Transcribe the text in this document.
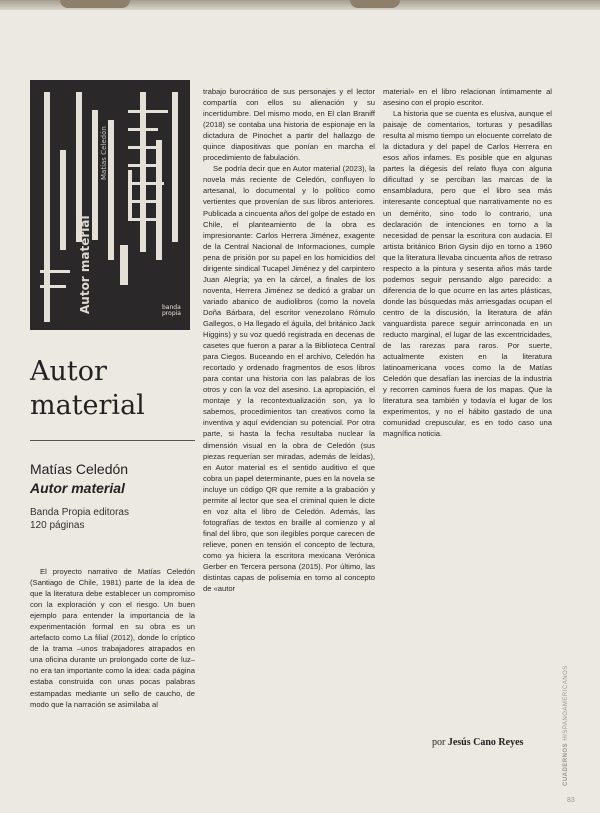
Autor material
Matías Celedón
banda
propia
Autor
material
Matías Celedón
Autor material
Banda Propia editoras
120 páginas

El proyecto narrativo de Matías Celedón (Santiago de Chile, 1981) parte de la idea de que la literatura debe establecer un compromiso con la exploración y con el riesgo. Un buen ejemplo para entender la importancia de la experimentación formal en su obra es un artefacto como La filial (2012), donde lo críptico de la trama –unos trabajadores atrapados en una oficina durante un prolongado corte de luz– no era tan importante como la idea: cada página estaba construida con unas pocas palabras estampadas mediante un sello de caucho, de modo que la narración se asimilaba al

trabajo burocrático de sus personajes y el lector compartía con ellos su alienación y su incertidumbre. Del mismo modo, en El clan Braniff (2018) se contaba una historia de espionaje en la dictadura de Pinochet a partir del hallazgo de quince diapositivas que ponían en marcha el procedimiento de fabulación.

Se podría decir que en Autor material (2023), la novela más reciente de Celedón, confluyen lo artesanal, lo documental y lo político como vertientes que provenían de sus libros anteriores. Publicada a cincuenta años del golpe de estado en Chile, el planteamiento de la obra es impresionante: Carlos Herrera Jiménez, exagente de la Central Nacional de Informaciones, cumple pena de prisión por su papel en los homicidios del dirigente sindical Tucapel Jiménez y del carpintero Juan Alegría; ya en la cárcel, a finales de los noventa, Herrera Jiménez se dedicó a grabar un variado abanico de audiolibros (como la novela Doña Bárbara, del escritor venezolano Rómulo Gallegos, o Ha llegado el águila, del británico Jack Higgins) y su voz quedó registrada en decenas de casetes que fueron a parar a la Biblioteca Central para Ciegos. Buceando en el archivo, Celedón ha recortado y ordenado fragmentos de esos libros para contar una historia con las palabras de los otros y con la voz del asesino. La apropiación, el montaje y la recontextualización son, ya lo sabemos, procedimientos tan creativos como la inventiva y aquí evidencian su potencial. Por otra parte, si hasta la fecha resultaba nuclear la dimensión visual en la obra de Celedón (sus piezas requerían ser miradas, además de leídas), en Autor material es el sentido auditivo el que cobra un papel determinante, pues en la novela se incluye un código QR que remite a la grabación y permite al lector que sea el criminal quien le dicte en voz alta el libro de Celedón. Además, las fotografías de textos en braille al comienzo y al final del libro, que son ilegibles porque carecen de relieve, ponen en tensión el concepto de lectura, como ya hiciera la escritora mexicana Verónica Gerber en Tercera persona (2015). Por último, las distintas capas de polisemia en torno al concepto de «autor

material» en el libro relacionan íntimamente al asesino con el propio escritor.

La historia que se cuenta es elusiva, aunque el paisaje de comentarios, torturas y pesadillas resulta al mismo tiempo un elocuente correlato de la dictadura y del papel de Carlos Herrera en esos años infames. Es posible que en algunas partes la diégesis del relato fluya con alguna dificultad y se perciban las marcas de la ensambladura, pero que el libro sea más interesante conceptual que narrativamente no es un demérito, sino todo lo contrario, una declaración de intenciones en torno a la necesidad de pensar la escritura con audacia. El artista británico Brion Gysin dijo en torno a 1960 que la literatura llevaba cincuenta años de retraso respecto a la pintura y sesenta años más tarde podemos seguir pensando algo parecido: a diferencia de lo que ocurre en las artes plásticas, donde las búsquedas más arriesgadas ocupan el centro de la discusión, la literatura de afán vanguardista parece seguir arrinconada en un reducto marginal, el lugar de las excentricidades, de las rarezas para raros. Por suerte, actualmente existen en la literatura latinoamericana voces como la de Matías Celedón que desafían las inercias de la industria y recorren caminos fuera de los mapas. Que la literatura sea también y todavía el lugar de los experimentos, y no el hábito gastado de una comunidad crepuscular, es en todo caso una magnífica noticia.

por Jesús Cano Reyes
CUADERNOS HISPANOAMERICANOS
83
